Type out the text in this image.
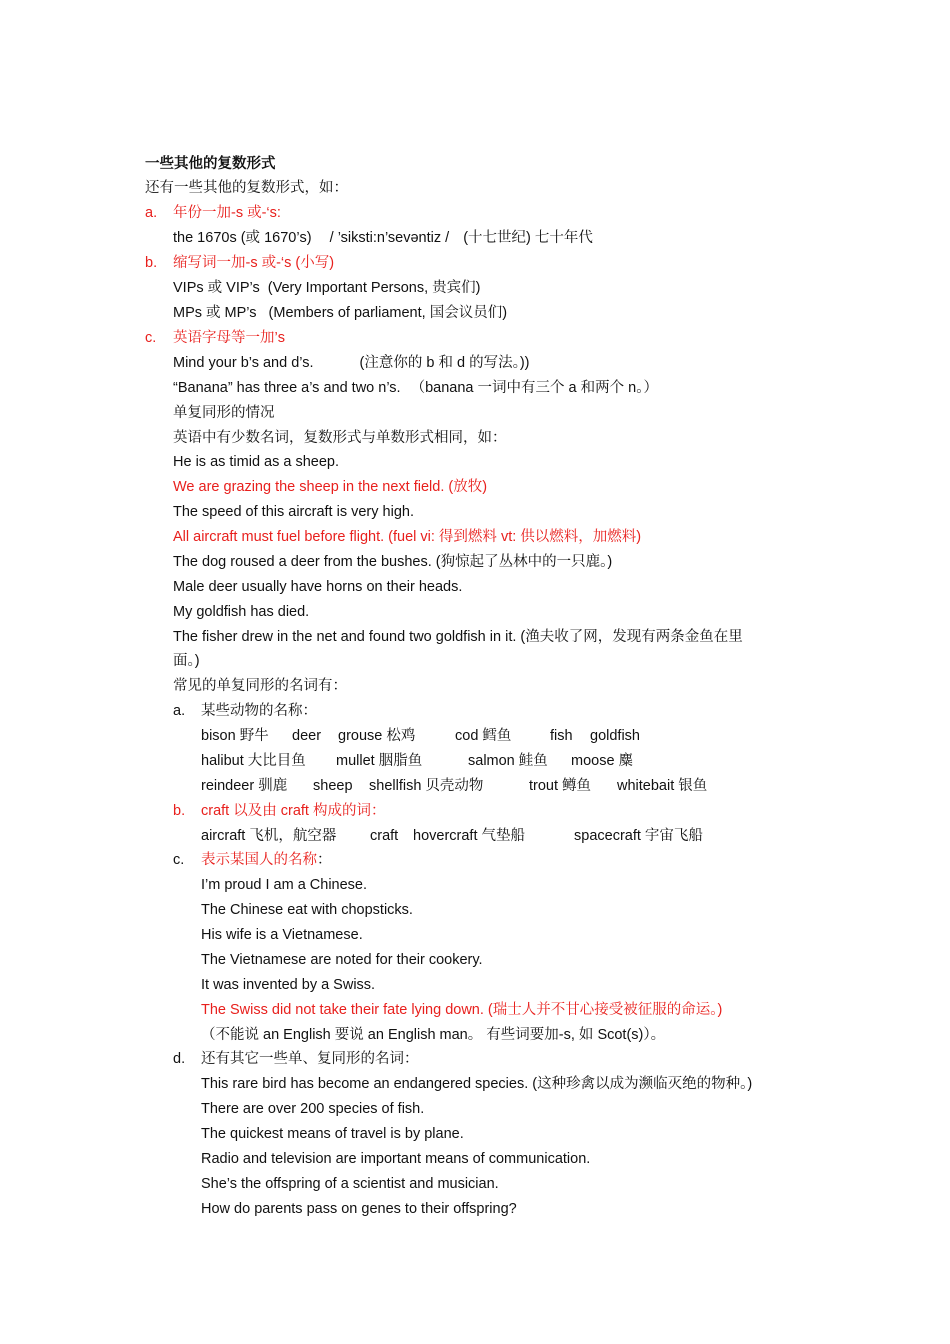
一些其他的复数形式
还有一些其他的复数形式，如：
a. 年份一加-s 或-‘s:
the 1670s (或 1670’s) / ’siksti:n’sevəntiz / (十七世纪) 七十年代
b. 缩写词一加-s 或-‘s (小写)
VIPs 或 VIP’s (Very Important Persons, 贵宾们)
MPs 或 MP’s (Members of parliament, 国会议员们)
c. 英语字母等一加’s
Mind your b’s and d’s.	(注意你的 b 和 d 的写法。))
“Banana” has three a’s and two n’s. （banana 一词中有三个 a 和两个 n。）
单复同形的情况
英语中有少数名词，复数形式与单数形式相同，如：
He is as timid as a sheep.
We are grazing the sheep in the next field. (放牧)
The speed of this aircraft is very high.
All aircraft must fuel before flight. (fuel vi: 得到燃料 vt: 供以燃料，加燃料)
The dog roused a deer from the bushes. (狗惊起了丛林中的一只鹿。)
Male deer usually have horns on their heads.
My goldfish has died.
The fisher drew in the net and found two goldfish in it. (渔夫收了网，发现有两条金鱼在里
面。)
常见的单复同形的名词有：
a. 某些动物的名称：
bison 野牛 deer grouse 松鸡	cod 鳕鱼	fish goldfish
halibut 大比目鱼 mullet 胭脂鱼	salmon 鲑鱼 moose 麋
reindeer 驯鹿 sheep shellfish 贝壳动物	trout 鳟鱼 whitebait 银鱼
b. craft 以及由 craft 构成的词：
aircraft 飞机，航空器 craft hovercraft 气垫船	spacecraft 宇宙飞船
c. 表示某国人的名称：
I’m proud I am a Chinese.
The Chinese eat with chopsticks.
His wife is a Vietnamese.
The Vietnamese are noted for their cookery.
It was invented by a Swiss.
The Swiss did not take their fate lying down. (瑞士人并不甘心接受被征服的命运。)
（不能说 an English 要说 an English man。 有些词要加-s, 如 Scot(s)）。
d. 还有其它一些单、复同形的名词：
This rare bird has become an endangered species. (这种珍禽以成为濒临灭绝的物种。)
There are over 200 species of fish.
The quickest means of travel is by plane.
Radio and television are important means of communication.
She’s the offspring of a scientist and musician.
How do parents pass on genes to their offspring?
